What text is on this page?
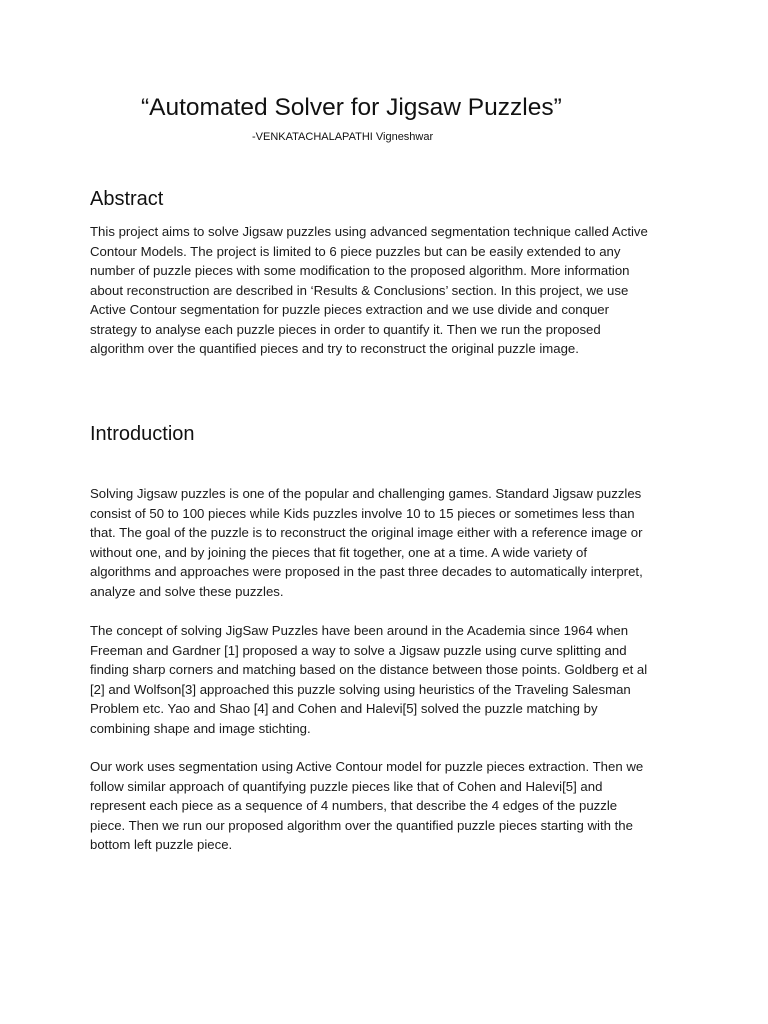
“Automated Solver for Jigsaw Puzzles”

-VENKATACHALAPATHI Vigneshwar

Abstract

This project aims to solve Jigsaw puzzles using advanced segmentation technique called Active
Contour Models. The project is limited to 6 piece puzzles but can be easily extended to any
number of puzzle pieces with some modification to the proposed algorithm. More information
about reconstruction are described in ‘Results & Conclusions’ section. In this project, we use
Active Contour segmentation for puzzle pieces extraction and we use divide and conquer
strategy to analyse each puzzle pieces in order to quantify it. Then we run the proposed
algorithm over the quantified pieces and try to reconstruct the original puzzle image.

Introduction

Solving Jigsaw puzzles is one of the popular and challenging games. Standard Jigsaw puzzles
consist of 50 to 100 pieces while Kids puzzles involve 10 to 15 pieces or sometimes less than
that. The goal of the puzzle is to reconstruct the original image either with a reference image or
without one, and by joining the pieces that fit together, one at a time. A wide variety of
algorithms and approaches were proposed in the past three decades to automatically interpret,
analyze and solve these puzzles.

The concept of solving JigSaw Puzzles have been around in the Academia since 1964 when
Freeman and Gardner [1] proposed a way to solve a Jigsaw puzzle using curve splitting and
finding sharp corners and matching based on the distance between those points. Goldberg et al
[2] and Wolfson[3] approached this puzzle solving using heuristics of the Traveling Salesman
Problem etc. Yao and Shao [4] and Cohen and Halevi[5] solved the puzzle matching by
combining shape and image stichting.

Our work uses segmentation using Active Contour model for puzzle pieces extraction. Then we
follow similar approach of quantifying puzzle pieces like that of Cohen and Halevi[5] and
represent each piece as a sequence of 4 numbers, that describe the 4 edges of the puzzle
piece. Then we run our proposed algorithm over the quantified puzzle pieces starting with the
bottom left puzzle piece.
